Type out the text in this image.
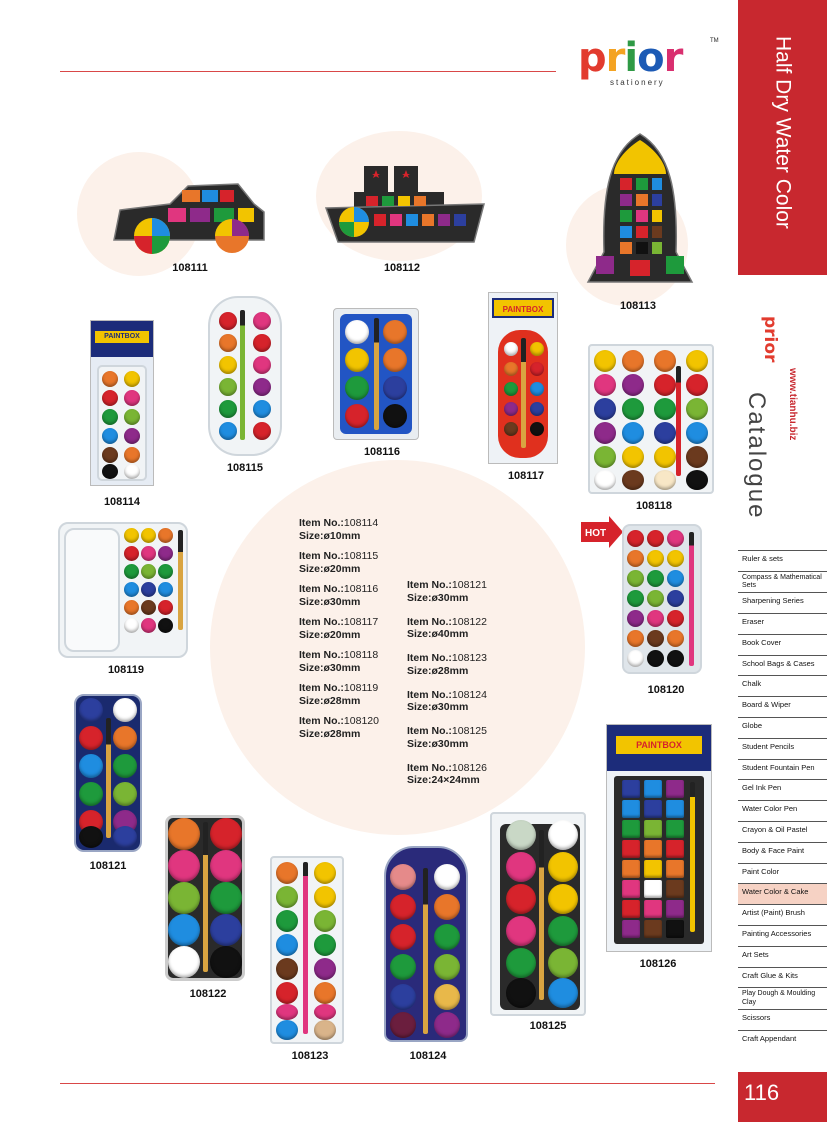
prior
stationery
TM	Half Dry Water Color
prior
Catalogue www.tianhu.biz
Ruler & sets
Compass & Mathematical Sets
Sharpening Series
Eraser
Book Cover
School Bags & Cases
Chalk
Board & Wiper
Globe
Student Pencils
Student Fountain Pen
Gel Ink Pen
Water Color Pen
Crayon & Oil Pastel
Body & Face Paint
Paint Color
Water Color & Cake
Artist (Paint) Brush
Painting Accessories
Art Sets
Craft Glue & Kits
Play Dough & Moulding Clay
Scissors
Craft Appendant
116
108111	108112
108113
PAINTBOX
108114
108115
108116
PAINTBOX
108117
108118
108119
HOT
108120
Item No.:108114
Size:ø10mm
Item No.:108115
Size:ø20mm
Item No.:108116
Size:ø30mm
Item No.:108117
Size:ø20mm
Item No.:108118
Size:ø30mm
Item No.:108119
Size:ø28mm
Item No.:108120
Size:ø28mm
Item No.:108121
Size:ø30mm
Item No.:108122
Size:ø40mm
Item No.:108123
Size:ø28mm
Item No.:108124
Size:ø30mm
Item No.:108125
Size:ø30mm
Item No.:108126
Size:24×24mm
108121
108122
108123	108124
108125
PAINTBOX
108126
